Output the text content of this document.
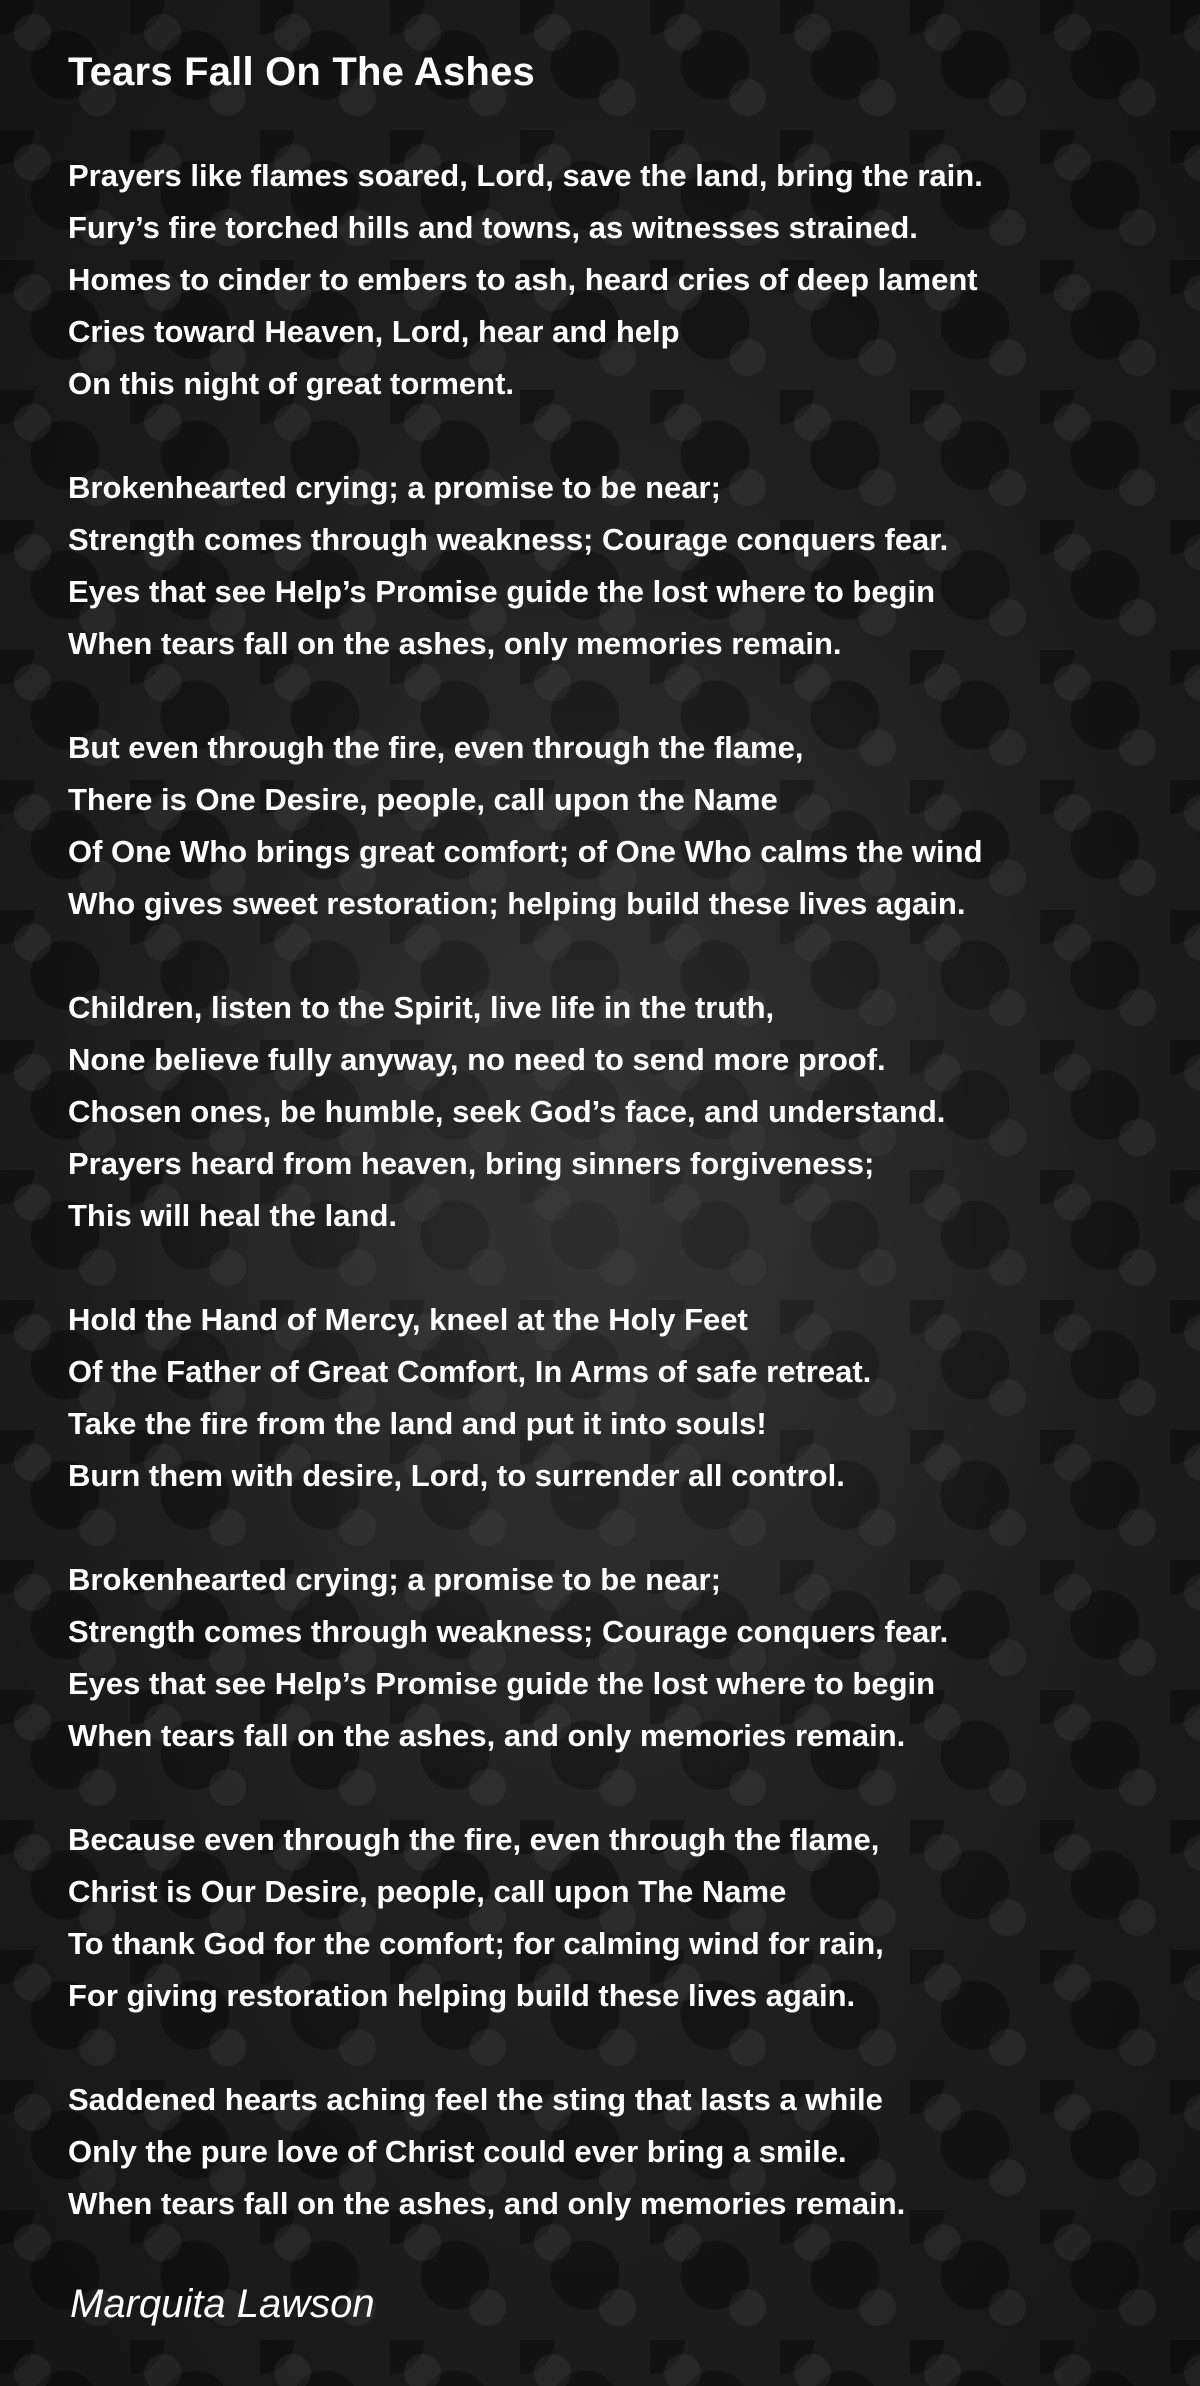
Tears Fall On The Ashes
Prayers like flames soared, Lord, save the land, bring the rain.
Fury’s fire torched hills and towns, as witnesses strained.
Homes to cinder to embers to ash, heard cries of deep lament
Cries toward Heaven, Lord, hear and help
On this night of great torment.
Brokenhearted crying; a promise to be near;
Strength comes through weakness; Courage conquers fear.
Eyes that see Help’s Promise guide the lost where to begin
When tears fall on the ashes, only memories remain.
But even through the fire, even through the flame,
There is One Desire, people, call upon the Name
Of One Who brings great comfort; of One Who calms the wind
Who gives sweet restoration; helping build these lives again.
Children, listen to the Spirit, live life in the truth,
None believe fully anyway, no need to send more proof.
Chosen ones, be humble, seek God’s face, and understand.
Prayers heard from heaven, bring sinners forgiveness;
This will heal the land.
Hold the Hand of Mercy, kneel at the Holy Feet
Of the Father of Great Comfort, In Arms of safe retreat.
Take the fire from the land and put it into souls!
Burn them with desire, Lord, to surrender all control.
Brokenhearted crying; a promise to be near;
Strength comes through weakness; Courage conquers fear.
Eyes that see Help’s Promise guide the lost where to begin
When tears fall on the ashes, and only memories remain.
Because even through the fire, even through the flame,
Christ is Our Desire, people, call upon The Name
To thank God for the comfort; for calming wind for rain,
For giving restoration helping build these lives again.
Saddened hearts aching feel the sting that lasts a while
Only the pure love of Christ could ever bring a smile.
When tears fall on the ashes, and only memories remain.

Marquita Lawson
